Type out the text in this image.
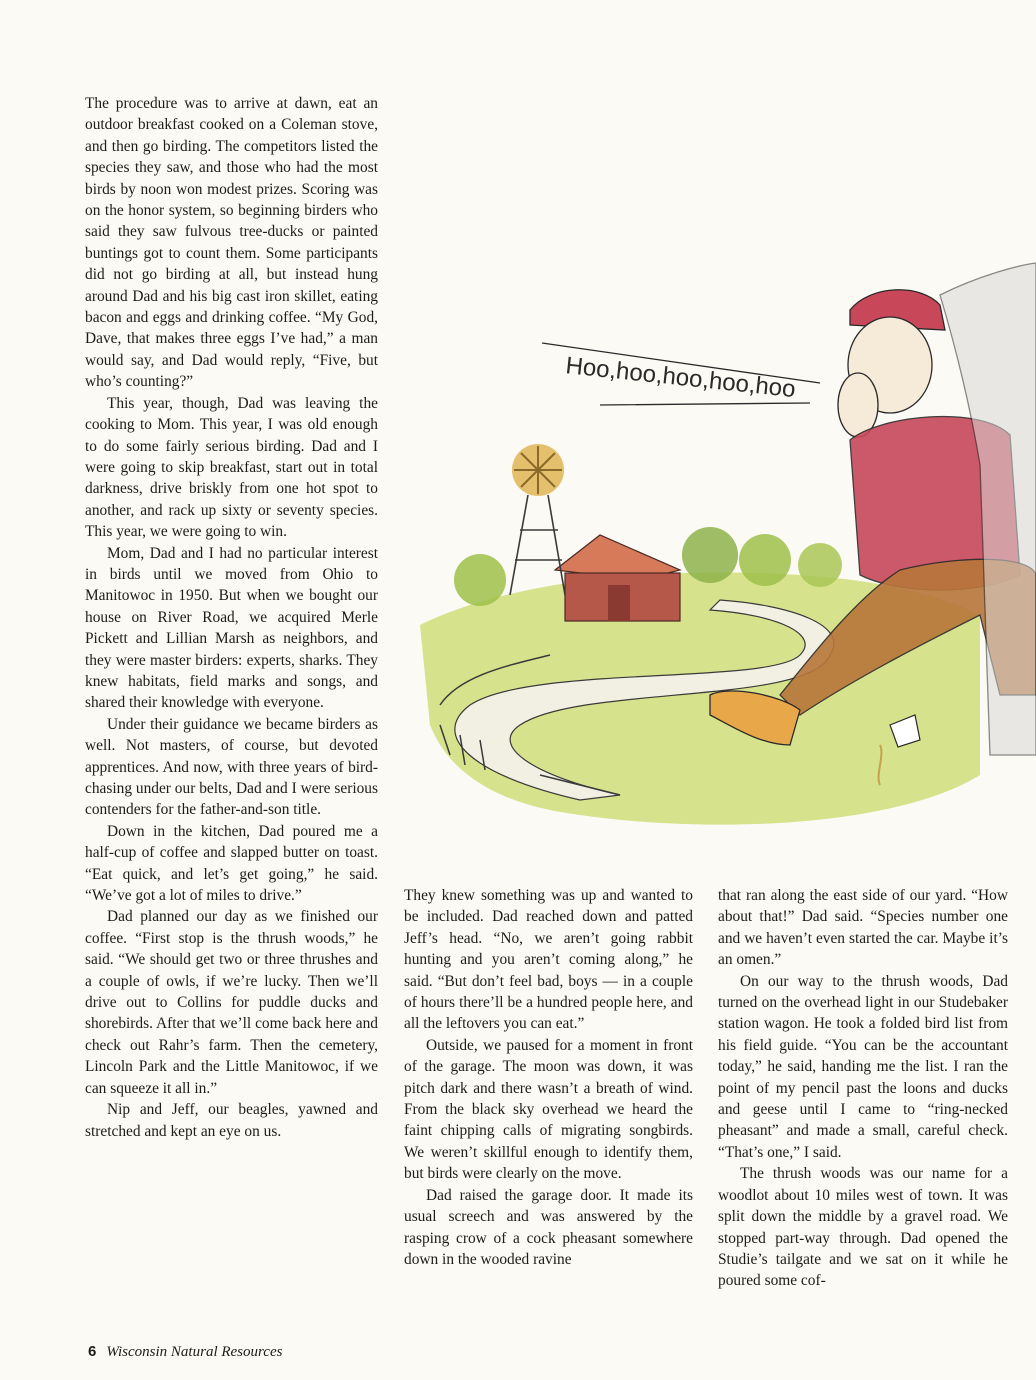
The procedure was to arrive at dawn, eat an outdoor breakfast cooked on a Coleman stove, and then go birding. The competitors listed the species they saw, and those who had the most birds by noon won modest prizes. Scoring was on the honor system, so beginning birders who said they saw fulvous tree-ducks or painted buntings got to count them. Some participants did not go birding at all, but instead hung around Dad and his big cast iron skillet, eating bacon and eggs and drinking coffee. “My God, Dave, that makes three eggs I’ve had,” a man would say, and Dad would reply, “Five, but who’s counting?”

This year, though, Dad was leaving the cooking to Mom. This year, I was old enough to do some fairly serious birding. Dad and I were going to skip breakfast, start out in total darkness, drive briskly from one hot spot to another, and rack up sixty or seventy species. This year, we were going to win.

Mom, Dad and I had no particular interest in birds until we moved from Ohio to Manitowoc in 1950. But when we bought our house on River Road, we acquired Merle Pickett and Lillian Marsh as neighbors, and they were master birders: experts, sharks. They knew habitats, field marks and songs, and shared their knowledge with everyone.

Under their guidance we became birders as well. Not masters, of course, but devoted apprentices. And now, with three years of bird-chasing under our belts, Dad and I were serious contenders for the father-and-son title.

Down in the kitchen, Dad poured me a half-cup of coffee and slapped butter on toast. “Eat quick, and let’s get going,” he said. “We’ve got a lot of miles to drive.”

Dad planned our day as we finished our coffee. “First stop is the thrush woods,” he said. “We should get two or three thrushes and a couple of owls, if we’re lucky. Then we’ll drive out to Collins for puddle ducks and shorebirds. After that we’ll come back here and check out Rahr’s farm. Then the cemetery, Lincoln Park and the Little Manitowoc, if we can squeeze it all in.”

Nip and Jeff, our beagles, yawned and stretched and kept an eye on us.

They knew something was up and wanted to be included. Dad reached down and patted Jeff’s head. “No, we aren’t going rabbit hunting and you aren’t coming along,” he said. “But don’t feel bad, boys — in a couple of hours there’ll be a hundred people here, and all the leftovers you can eat.”

Outside, we paused for a moment in front of the garage. The moon was down, it was pitch dark and there wasn’t a breath of wind. From the black sky overhead we heard the faint chipping calls of migrating songbirds. We weren’t skillful enough to identify them, but birds were clearly on the move.

Dad raised the garage door. It made its usual screech and was answered by the rasping crow of a cock pheasant somewhere down in the wooded ravine

that ran along the east side of our yard. “How about that!” Dad said. “Species number one and we haven’t even started the car. Maybe it’s an omen.”

On our way to the thrush woods, Dad turned on the overhead light in our Studebaker station wagon. He took a folded bird list from his field guide. “You can be the accountant today,” he said, handing me the list. I ran the point of my pencil past the loons and ducks and geese until I came to “ring-necked pheasant” and made a small, careful check. “That’s one,” I said.

The thrush woods was our name for a woodlot about 10 miles west of town. It was split down the middle by a gravel road. We stopped part-way through. Dad opened the Studie’s tailgate and we sat on it while he poured some cof-

Hoo,hoo,hoo,hoo,hoo
6 Wisconsin Natural Resources
